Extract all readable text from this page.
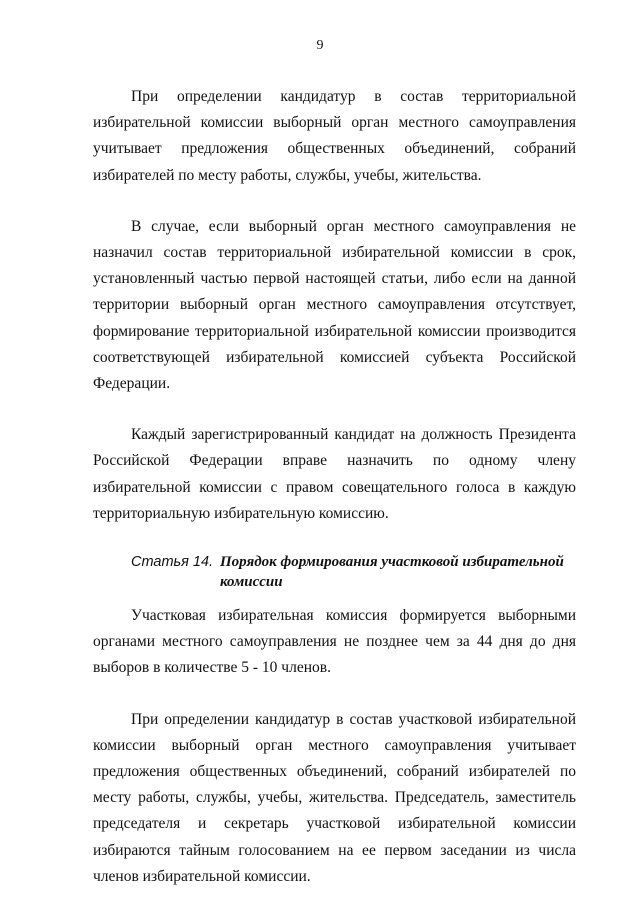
9

При определении кандидатур в состав территориальной избирательной комиссии выборный орган местного самоуправления учитывает предложения общественных объединений, собраний избирателей по месту работы, службы, учебы, жительства.

В случае, если выборный орган местного самоуправления не назначил состав территориальной избирательной комиссии в срок, установленный частью первой настоящей статьи, либо если на данной территории выборный орган местного самоуправления отсутствует, формирование территориальной избирательной комиссии производится соответствующей избирательной комиссией субъекта Российской Федерации.

Каждый зарегистрированный кандидат на должность Президента Российской Федерации вправе назначить по одному члену избирательной комиссии с правом совещательного голоса в каждую территориальную избирательную комиссию.

Статья 14. Порядок формирования участковой избирательной комиссии

Участковая избирательная комиссия формируется выборными органами местного самоуправления не позднее чем за 44 дня до дня выборов в количестве 5 - 10 членов.

При определении кандидатур в состав участковой избирательной комиссии выборный орган местного самоуправления учитывает предложения общественных объединений, собраний избирателей по месту работы, службы, учебы, жительства. Председатель, заместитель председателя и секретарь участковой избирательной комиссии избираются тайным голосованием на ее первом заседании из числа членов избирательной комиссии.
